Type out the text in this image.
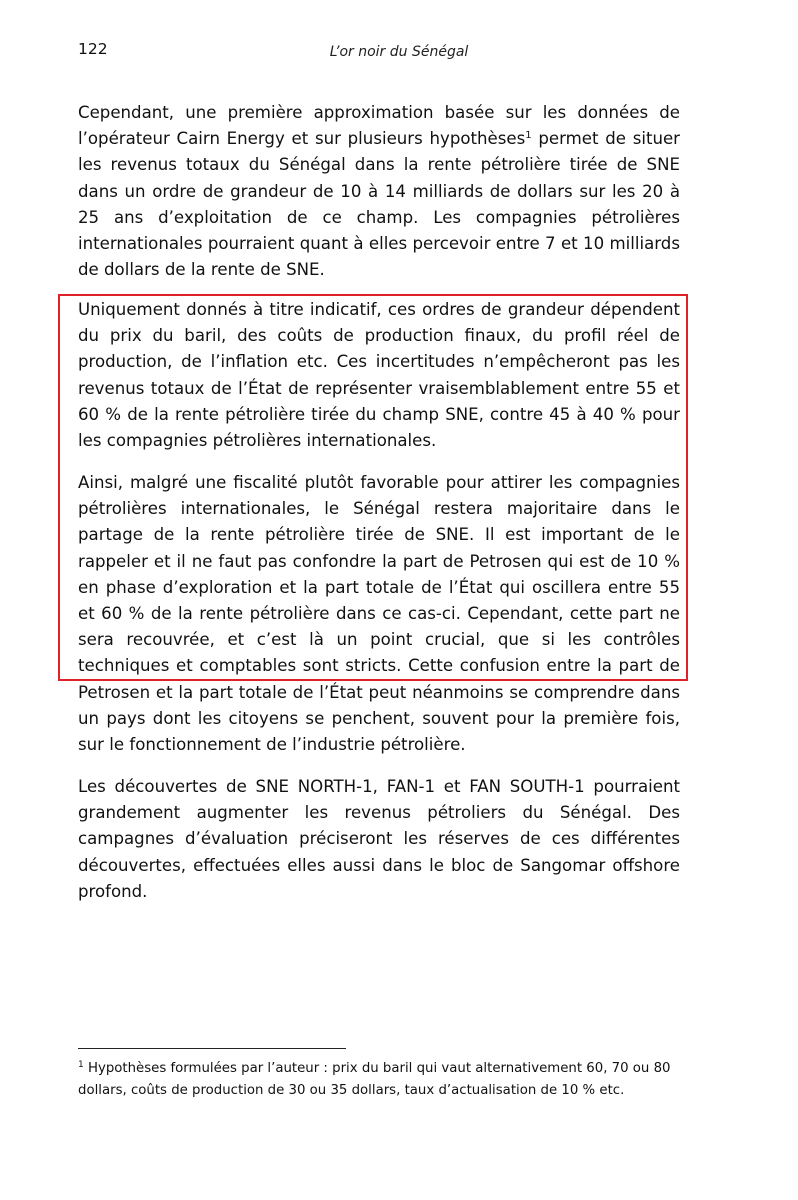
122	L’or noir du Sénégal

Cependant, une première approximation basée sur les données de l’opérateur Cairn Energy et sur plusieurs hypothèses$^1$ permet de situer les revenus totaux du Sénégal dans la rente pétrolière tirée de SNE dans un ordre de grandeur de 10 à 14 milliards de dollars sur les 20 à 25 ans d’exploitation de ce champ. Les compagnies pétrolières internationales pourraient quant à elles percevoir entre 7 et 10 milliards de dollars de la rente de SNE.

Uniquement donnés à titre indicatif, ces ordres de grandeur dépendent du prix du baril, des coûts de production finaux, du profil réel de production, de l’inflation etc. Ces incertitudes n’empêcheront pas les revenus totaux de l’État de représenter vraisemblablement entre 55 et 60 % de la rente pétrolière tirée du champ SNE, contre 45 à 40 % pour les compagnies pétrolières internationales.

Ainsi, malgré une fiscalité plutôt favorable pour attirer les compagnies pétrolières internationales, le Sénégal restera majoritaire dans le partage de la rente pétrolière tirée de SNE. Il est important de le rappeler et il ne faut pas confondre la part de Petrosen qui est de 10 % en phase d’exploration et la part totale de l’État qui oscillera entre 55 et 60 % de la rente pétrolière dans ce cas-ci. Cependant, cette part ne sera recouvrée, et c’est là un point crucial, que si les contrôles techniques et comptables sont stricts. Cette confusion entre la part de Petrosen et la part totale de l’État peut néanmoins se comprendre dans un pays dont les citoyens se penchent, souvent pour la première fois, sur le fonctionnement de l’industrie pétrolière.

Les découvertes de SNE NORTH-1, FAN-1 et FAN SOUTH-1 pourraient grandement augmenter les revenus pétroliers du Sénégal. Des campagnes d’évaluation préciseront les réserves de ces différentes découvertes, effectuées elles aussi dans le bloc de Sangomar offshore profond.

$^1$ Hypothèses formulées par l’auteur : prix du baril qui vaut alternativement 60, 70 ou 80 dollars, coûts de production de 30 ou 35 dollars, taux d’actualisation de 10 % etc.
